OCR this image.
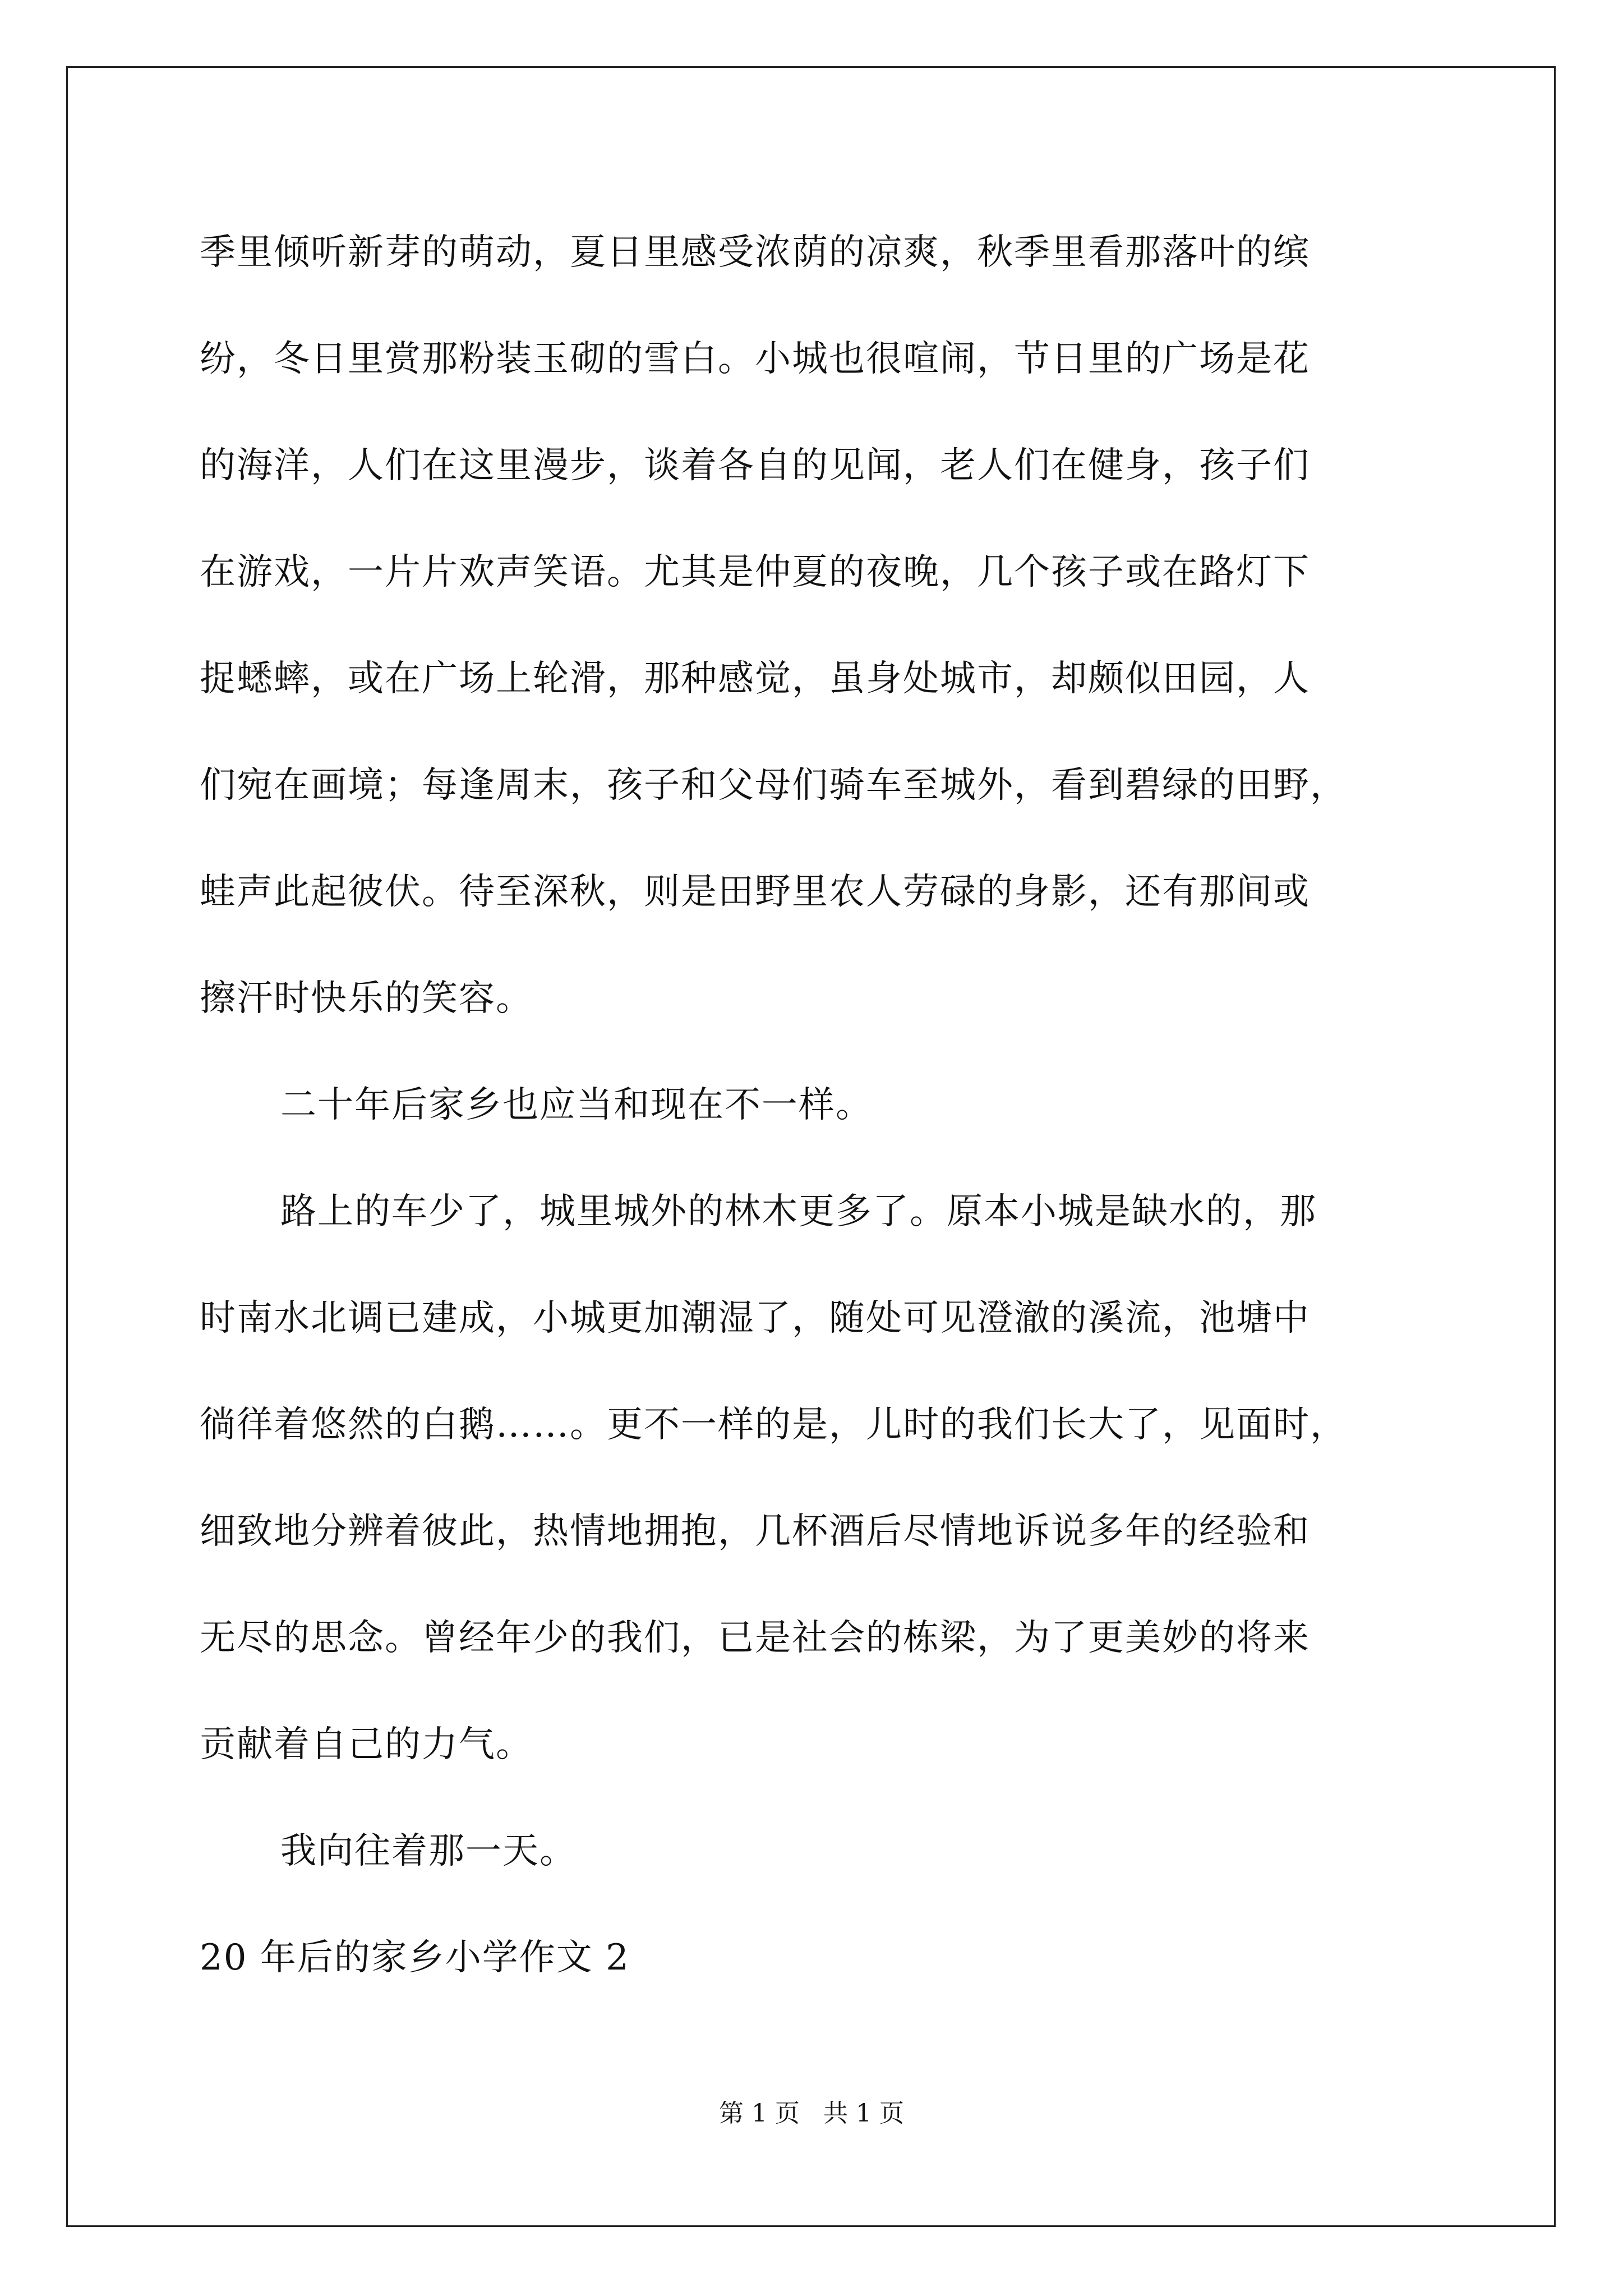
季里倾听新芽的萌动，夏日里感受浓荫的凉爽，秋季里看那落叶的缤
纷，冬日里赏那粉装玉砌的雪白。小城也很喧闹，节日里的广场是花
的海洋，人们在这里漫步，谈着各自的见闻，老人们在健身，孩子们
在游戏，一片片欢声笑语。尤其是仲夏的夜晚，几个孩子或在路灯下
捉蟋蟀，或在广场上轮滑，那种感觉，虽身处城市，却颇似田园，人
们宛在画境；每逢周末，孩子和父母们骑车至城外，看到碧绿的田野，
蛙声此起彼伏。待至深秋，则是田野里农人劳碌的身影，还有那间或
擦汗时快乐的笑容。
二十年后家乡也应当和现在不一样。
路上的车少了，城里城外的林木更多了。原本小城是缺水的，那
时南水北调已建成，小城更加潮湿了，随处可见澄澈的溪流，池塘中
徜徉着悠然的白鹅……。更不一样的是，儿时的我们长大了，见面时，
细致地分辨着彼此，热情地拥抱，几杯酒后尽情地诉说多年的经验和
无尽的思念。曾经年少的我们，已是社会的栋梁，为了更美妙的将来
贡献着自己的力气。
我向往着那一天。
20 年后的家乡小学作文 2
第 1 页   共 1 页
